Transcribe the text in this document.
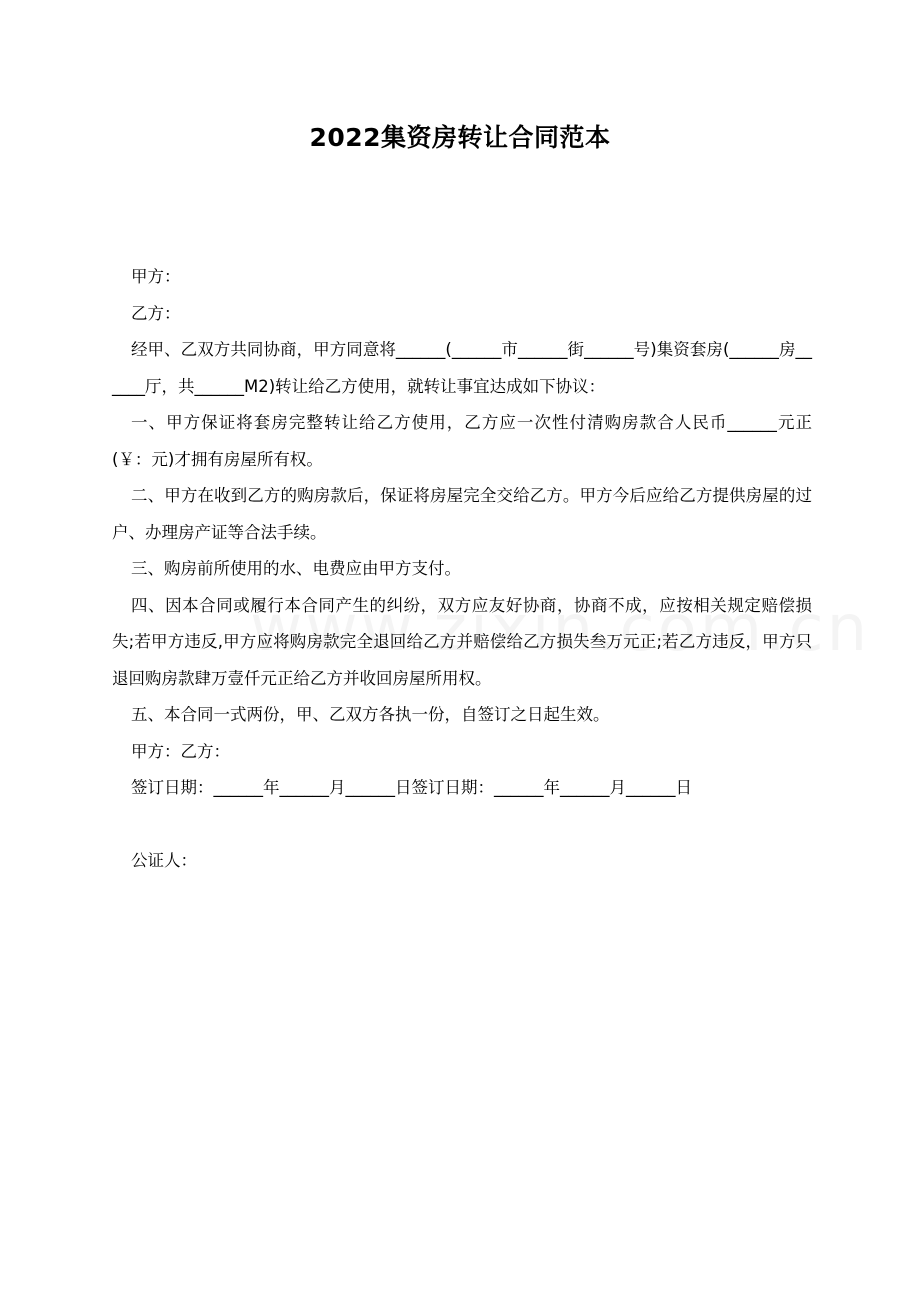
2022集资房转让合同范本

甲方：

乙方：

经甲、乙双方共同协商，甲方同意将______(______市______街______号)集资套房(______房______厅，共______M2)转让给乙方使用，就转让事宜达成如下协议：

一、甲方保证将套房完整转让给乙方使用，乙方应一次性付清购房款合人民币______元正(￥：元)才拥有房屋所有权。

二、甲方在收到乙方的购房款后，保证将房屋完全交给乙方。甲方今后应给乙方提供房屋的过户、办理房产证等合法手续。

三、购房前所使用的水、电费应由甲方支付。

四、因本合同或履行本合同产生的纠纷，双方应友好协商，协商不成，应按相关规定赔偿损失;若甲方违反,甲方应将购房款完全退回给乙方并赔偿给乙方损失叁万元正;若乙方违反，甲方只退回购房款肆万壹仟元正给乙方并收回房屋所用权。

五、本合同一式两份，甲、乙双方各执一份，自签订之日起生效。

甲方：乙方：

签订日期：______年______月______日签订日期：______年______月______日

公证人：
